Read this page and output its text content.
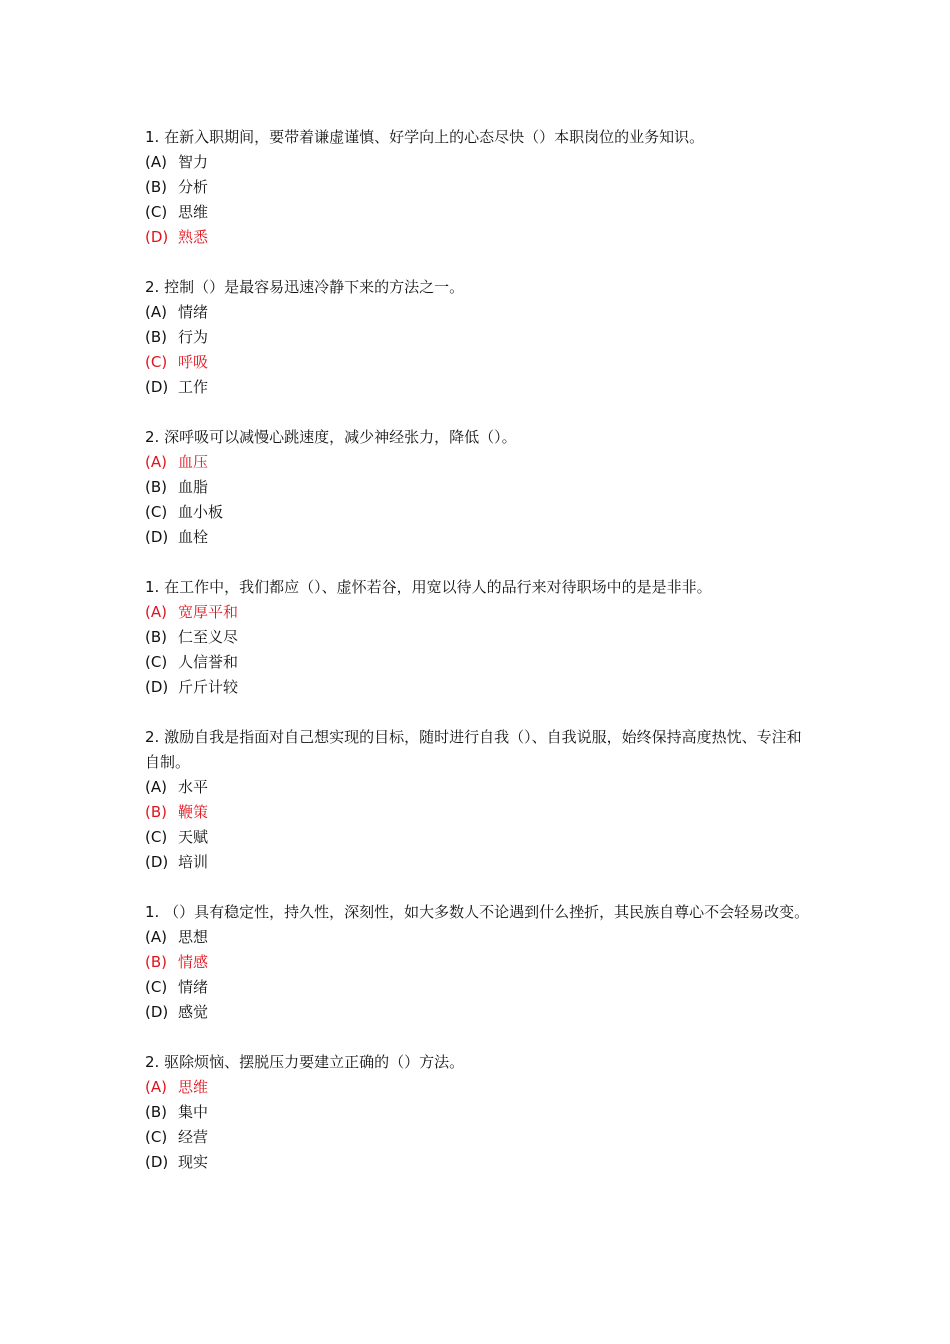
1. 在新入职期间，要带着谦虚谨慎、好学向上的心态尽快（）本职岗位的业务知识。

(A) 智力
(B) 分析
(C) 思维
(D) 熟悉

2. 控制（）是最容易迅速冷静下来的方法之一。

(A) 情绪
(B) 行为
(C) 呼吸
(D) 工作

2. 深呼吸可以减慢心跳速度，减少神经张力，降低（）。

(A) 血压
(B) 血脂
(C) 血小板
(D) 血栓

1. 在工作中，我们都应（）、虚怀若谷，用宽以待人的品行来对待职场中的是是非非。

(A) 宽厚平和
(B) 仁至义尽
(C) 人信誉和
(D) 斤斤计较

2. 激励自我是指面对自己想实现的目标，随时进行自我（）、自我说服，始终保持高度热忱、专注和自制。

(A) 水平
(B) 鞭策
(C) 天赋
(D) 培训

1. （）具有稳定性，持久性，深刻性，如大多数人不论遇到什么挫折，其民族自尊心不会轻易改变。

(A) 思想
(B) 情感
(C) 情绪
(D) 感觉

2. 驱除烦恼、摆脱压力要建立正确的（）方法。

(A) 思维
(B) 集中
(C) 经营
(D) 现实
